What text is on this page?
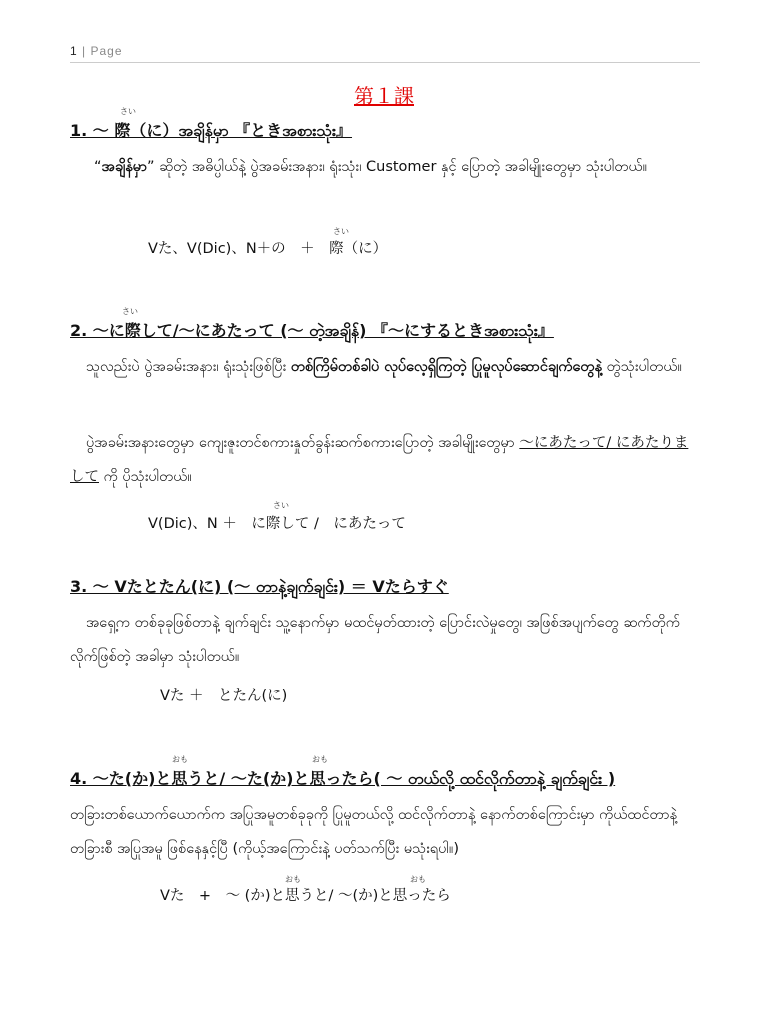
1 | Page
第１課
さい
1. ～ 際（に）အချိန်မှာ 『ときအစားသုံး』
“အချိန်မှာ” ဆိုတဲ့ အဓိပ္ပါယ်နဲ့ ပွဲအခမ်းအနား၊ ရုံးသုံး၊ Customer နှင့် ပြောတဲ့ အခါမျိုးတွေမှာ သုံးပါတယ်။
さい
Vた、V(Dic)、N＋の　＋　際（に）
さい
2. ～に際して/～にあたって (～ တဲ့အချိန်) 『～にするときအစားသုံး』
သူလည်းပဲ ပွဲအခမ်းအနား၊ ရုံးသုံးဖြစ်ပြီး တစ်ကြိမ်တစ်ခါပဲ လုပ်လေ့ရှိကြတဲ့ ပြုမူလုပ်ဆောင်ချက်တွေနဲ့ တွဲသုံးပါတယ်။
ပွဲအခမ်းအနားတွေမှာ ကျေးဇူးတင်စကားနှုတ်ခွန်းဆက်စကားပြောတဲ့ အခါမျိုးတွေမှာ ～にあたって/ にあたりまして ကို ပိုသုံးပါတယ်။
さい
V(Dic)、N ＋　に際して /　にあたって
3. ～ Vたとたん(に) (～ တာနဲ့ချက်ချင်း) ＝ Vたらすぐ
အရှေ့က တစ်ခုခုဖြစ်တာနဲ့ ချက်ချင်း သူ့နောက်မှာ မထင်မှတ်ထားတဲ့ ပြောင်းလဲမှုတွေ၊ အဖြစ်အပျက်တွေ ဆက်တိုက် လိုက်ဖြစ်တဲ့ အခါမှာ သုံးပါတယ်။
Vた ＋　とたん(に)
おも	おも
4. ～た(か)と思うと/ ～た(か)と思ったら( ～ တယ်လို့ ထင်လိုက်တာနဲ့ ချက်ချင်း )
တခြားတစ်ယောက်ယောက်က အပြုအမူတစ်ခုခုကို ပြုမူတယ်လို့ ထင်လိုက်တာနဲ့ နောက်တစ်ကြောင်းမှာ ကိုယ်ထင်တာနဲ့ တခြားစီ အပြုအမူ ဖြစ်နေနှင့်ပြီ (ကိုယ့်အကြောင်းနဲ့ ပတ်သက်ပြီး မသုံးရပါ။)
おも	おも
Vた　+　～ (か)と思うと/ ～(か)と思ったら
